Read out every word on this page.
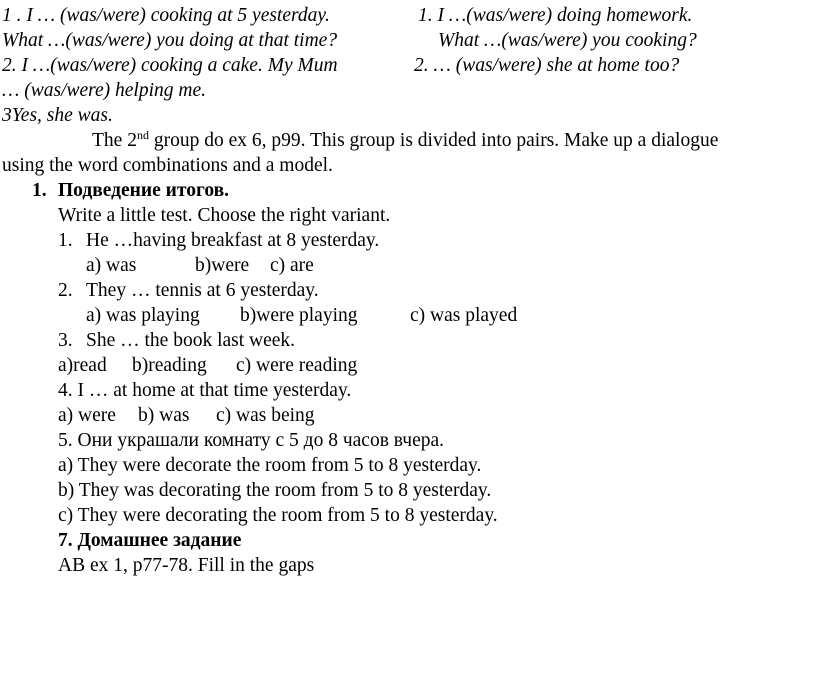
1 . I … (was/were) cooking at 5 yesterday.
What …(was/were) you doing at that time?
2. I …(was/were) cooking a cake. My Mum
… (was/were) helping me.
3Yes, she was.
1. I …(was/were) doing homework.
What …(was/were) you cooking?
2. … (was/were) she at home too?
The 2nd group do ex 6, p99. This group is divided into pairs. Make up a dialogue
using the word combinations and a model.
1. Подведение итогов.
Write a little test. Choose the right variant.
1. He …having breakfast at 8 yesterday.
a) was	b)were c) are
2. They … tennis at 6 yesterday.
a) was playing b)were playing	c) was played
3. She … the book last week.
a)read b)reading c) were reading
4. I … at home at that time yesterday.
a) were b) was c) was being
5. Они украшали комнату с 5 до 8 часов вчера.
a) They were decorate the room from 5 to 8 yesterday.
b) They was decorating the room from 5 to 8 yesterday.
c) They were decorating the room from 5 to 8 yesterday.
7. Домашнее задание
AB ex 1, p77-78. Fill in the gaps
